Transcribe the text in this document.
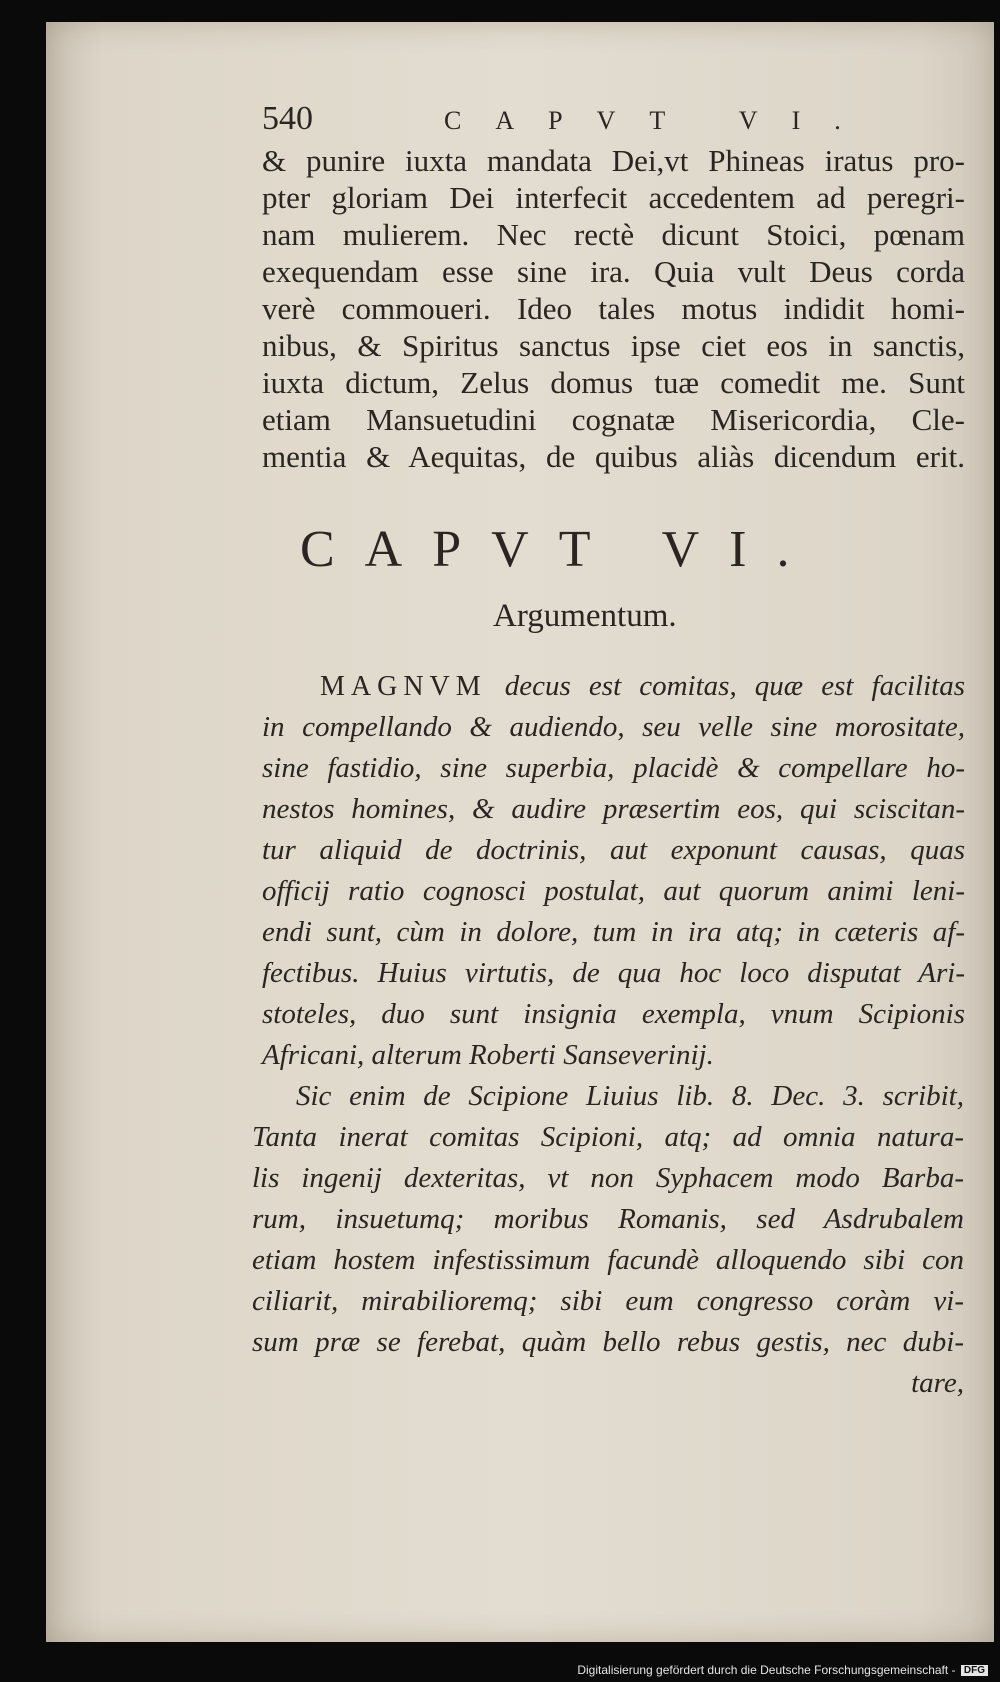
540	CAPVT VI.
& punire iuxta mandata Dei,vt Phineas iratus pro-
pter gloriam Dei interfecit accedentem ad peregri-
nam mulierem. Nec rectè dicunt Stoici, pœnam
exequendam esse sine ira. Quia vult Deus corda
verè commoueri. Ideo tales motus indidit homi-
nibus, & Spiritus sanctus ipse ciet eos in sanctis,
iuxta dictum, Zelus domus tuæ comedit me. Sunt
etiam Mansuetudini cognatæ Misericordia, Cle-
mentia & Aequitas, de quibus aliàs dicendum erit.
CAPVT VI.
Argumentum.
MAGNVM decus est comitas, quæ est facilitas
in compellando & audiendo, seu velle sine morositate,
sine fastidio, sine superbia, placidè & compellare ho-
nestos homines, & audire præsertim eos, qui sciscitan-
tur aliquid de doctrinis, aut exponunt causas, quas
officij ratio cognosci postulat, aut quorum animi leni-
endi sunt, cùm in dolore, tum in ira atq; in cæteris af-
fectibus. Huius virtutis, de qua hoc loco disputat Ari-
stoteles, duo sunt insignia exempla, vnum Scipionis
Africani, alterum Roberti Sanseverinij.
Sic enim de Scipione Liuius lib. 8. Dec. 3. scribit,
Tanta inerat comitas Scipioni, atq; ad omnia natura-
lis ingenij dexteritas, vt non Syphacem modo Barba-
rum, insuetumq; moribus Romanis, sed Asdrubalem
etiam hostem infestissimum facundè alloquendo sibi con
ciliarit, mirabilioremq; sibi eum congresso coràm vi-
sum præ se ferebat, quàm bello rebus gestis, nec dubi-
tare,
Digitalisierung gefördert durch die Deutsche Forschungsgemeinschaft - DFG
